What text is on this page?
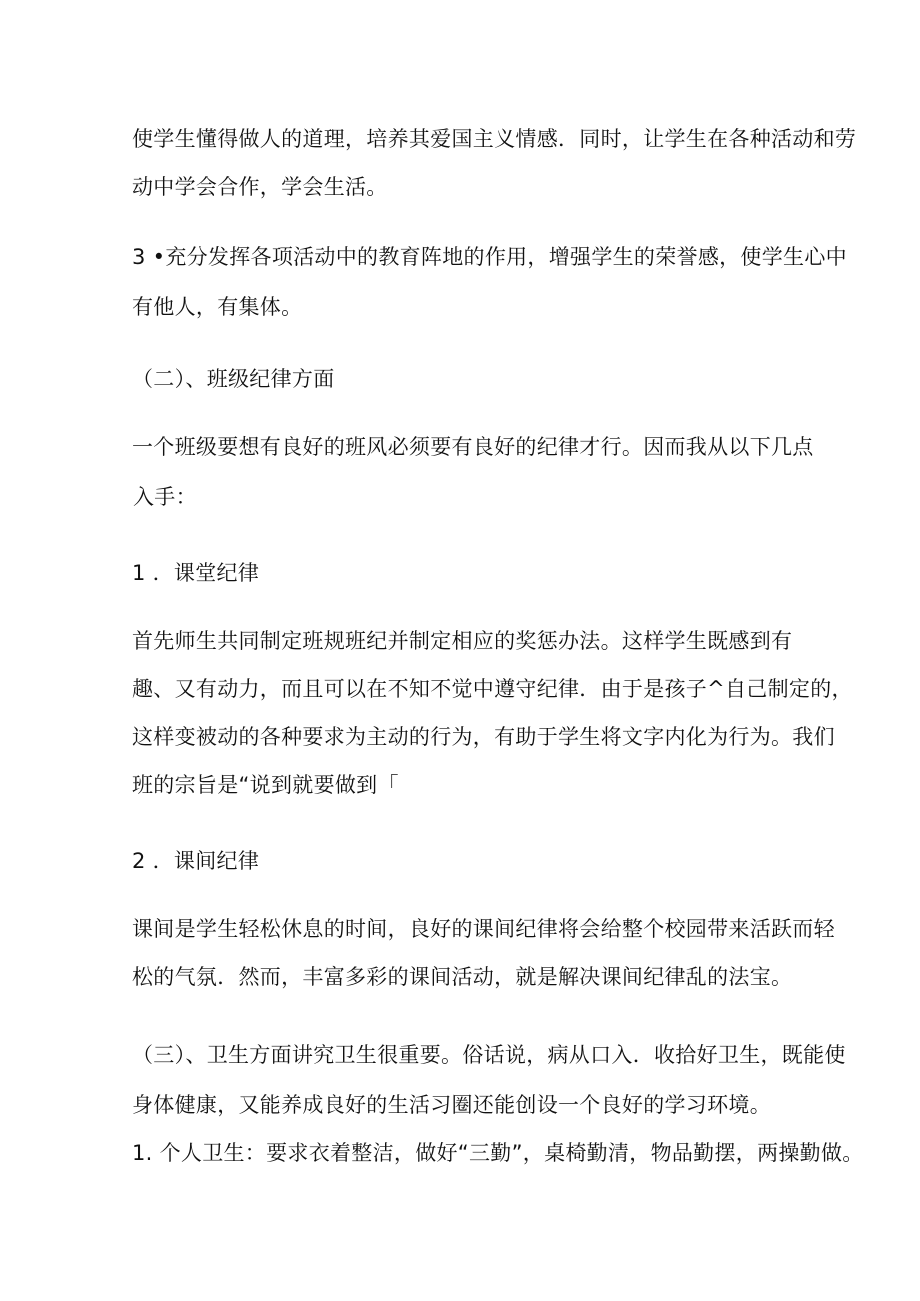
使学生懂得做人的道理，培养其爱国主义情感．同时，让学生在各种活动和劳
动中学会合作，学会生活。
3 •充分发挥各项活动中的教育阵地的作用，增强学生的荣誉感，使学生心中
有他人，有集体。
（二）、班级纪律方面
一个班级要想有良好的班风必须要有良好的纪律才行。因而我从以下几点
入手：
1 ．课堂纪律
首先师生共同制定班规班纪并制定相应的奖惩办法。这样学生既感到有
趣、又有动力，而且可以在不知不觉中遵守纪律．由于是孩子^自己制定的，
这样变被动的各种要求为主动的行为，有助于学生将文字内化为行为。我们
班的宗旨是“说到就要做到「
2 ．课间纪律
课间是学生轻松休息的时间，良好的课间纪律将会给整个校园带来活跃而轻
松的气氛．然而，丰富多彩的课间活动，就是解决课间纪律乱的法宝。
（三）、卫生方面讲究卫生很重要。俗话说，病从口入．收拾好卫生，既能使
身体健康，又能养成良好的生活习圈还能创设一个良好的学习环境。
1. 个人卫生：要求衣着整洁，做好“三勤”，桌椅勤清，物品勤摆，两操勤做。
